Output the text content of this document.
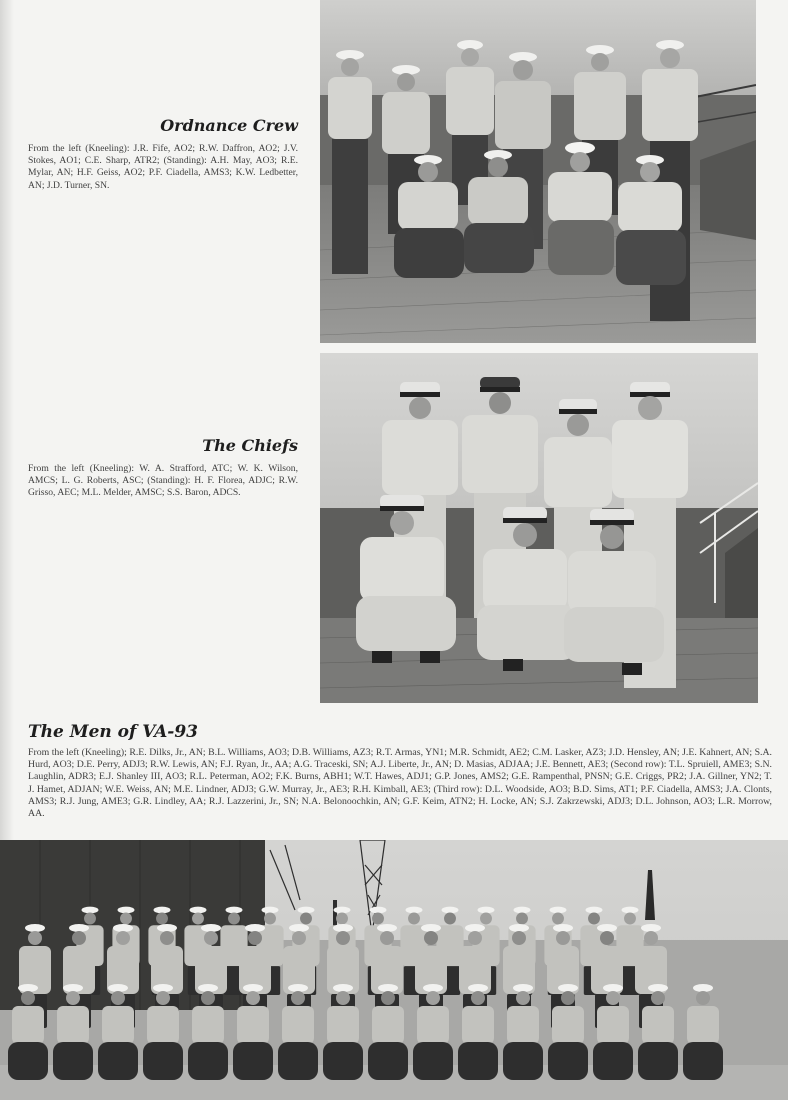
Ordnance Crew

From the left (Kneeling): J.R. Fife, AO2; R.W. Daffron, AO2; J.V. Stokes, AO1; C.E. Sharp, ATR2; (Standing): A.H. May, AO3; R.E. Mylar, AN; H.F. Geiss, AO2; P.F. Ciadella, AMS3; K.W. Ledbetter, AN; J.D. Turner, SN.

The Chiefs

From the left (Kneeling): W. A. Strafford, ATC; W. K. Wilson, AMCS; L. G. Roberts, ASC; (Standing): H. F. Florea, ADJC; R.W. Grisso, AEC; M.L. Melder, AMSC; S.S. Baron, ADCS.

The Men of VA-93

From the left (Kneeling); R.E. Dilks, Jr., AN; B.L. Williams, AO3; D.B. Williams, AZ3; R.T. Armas, YN1; M.R. Schmidt, AE2; C.M. Lasker, AZ3; J.D. Hensley, AN; J.E. Kahnert, AN; S.A. Hurd, AO3; D.E. Perry, ADJ3; R.W. Lewis, AN; F.J. Ryan, Jr., AA; A.G. Traceski, SN; A.J. Liberte, Jr., AN; D. Masias, ADJAA; J.E. Bennett, AE3; (Second row): T.L. Spruiell, AME3; S.N. Laughlin, ADR3; E.J. Shanley III, AO3; R.L. Peterman, AO2; F.K. Burns, ABH1; W.T. Hawes, ADJ1; G.P. Jones, AMS2; G.E. Rampenthal, PNSN; G.E. Criggs, PR2; J.A. Gillner, YN2; T. J. Hamet, ADJAN; W.E. Weiss, AN; M.E. Lindner, ADJ3; G.W. Murray, Jr., AE3; R.H. Kimball, AE3; (Third row): D.L. Woodside, AO3; B.D. Sims, AT1; P.F. Ciadella, AMS3; J.A. Clonts, AMS3; R.J. Jung, AME3; G.R. Lindley, AA; R.J. Lazzerini, Jr., SN; N.A. Belonoochkin, AN; G.F. Keim, ATN2; H. Locke, AN; S.J. Zakrzewski, ADJ3; D.L. Johnson, AO3; L.R. Morrow, AA.
